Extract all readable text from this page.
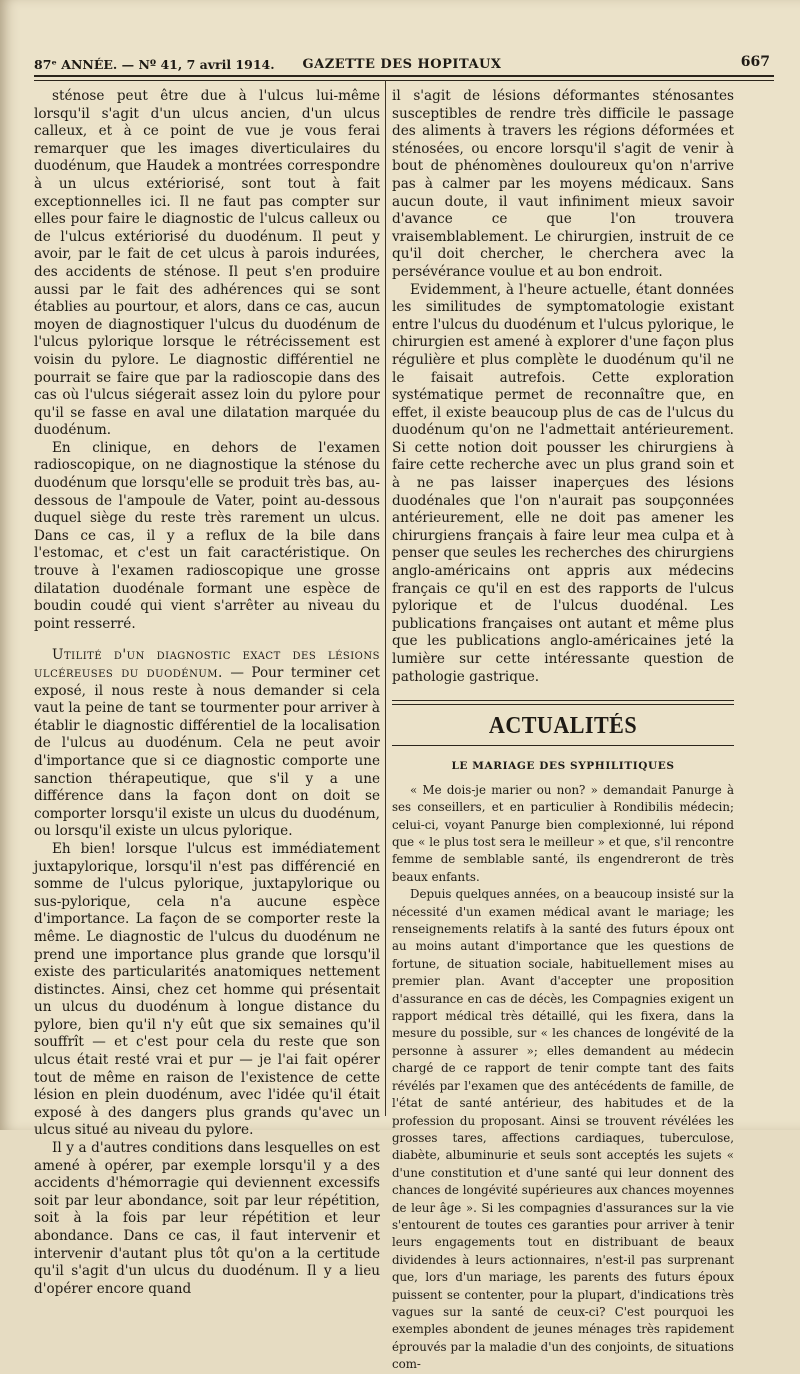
87ᵉ ANNÉE. — Nº 41, 7 avril 1914.	GAZETTE DES HOPITAUX	667

sténose peut être due à l'ulcus lui-même lorsqu'il s'agit d'un ulcus ancien, d'un ulcus calleux, et à ce point de vue je vous ferai remarquer que les images diverticulaires du duodénum, que Haudek a montrées correspondre à un ulcus extériorisé, sont tout à fait exceptionnelles ici. Il ne faut pas compter sur elles pour faire le diagnostic de l'ulcus calleux ou de l'ulcus extériorisé du duodénum. Il peut y avoir, par le fait de cet ulcus à parois indurées, des accidents de sténose. Il peut s'en produire aussi par le fait des adhérences qui se sont établies au pourtour, et alors, dans ce cas, aucun moyen de diagnostiquer l'ulcus du duodénum de l'ulcus pylorique lorsque le rétrécissement est voisin du pylore. Le diagnostic différentiel ne pourrait se faire que par la radioscopie dans des cas où l'ulcus siégerait assez loin du pylore pour qu'il se fasse en aval une dilatation marquée du duodénum.

En clinique, en dehors de l'examen radioscopique, on ne diagnostique la sténose du duodénum que lorsqu'elle se produit très bas, au-dessous de l'ampoule de Vater, point au-dessous duquel siège du reste très rarement un ulcus. Dans ce cas, il y a reflux de la bile dans l'estomac, et c'est un fait caractéristique. On trouve à l'examen radioscopique une grosse dilatation duodénale formant une espèce de boudin coudé qui vient s'arrêter au niveau du point resserré.

Utilité d'un diagnostic exact des lésions ulcéreuses du duodénum. — Pour terminer cet exposé, il nous reste à nous demander si cela vaut la peine de tant se tourmenter pour arriver à établir le diagnostic différentiel de la localisation de l'ulcus au duodénum. Cela ne peut avoir d'importance que si ce diagnostic comporte une sanction thérapeutique, que s'il y a une différence dans la façon dont on doit se comporter lorsqu'il existe un ulcus du duodénum, ou lorsqu'il existe un ulcus pylorique.

Eh bien! lorsque l'ulcus est immédiatement juxtapylorique, lorsqu'il n'est pas différencié en somme de l'ulcus pylorique, juxtapylorique ou sus-pylorique, cela n'a aucune espèce d'importance. La façon de se comporter reste la même. Le diagnostic de l'ulcus du duodénum ne prend une importance plus grande que lorsqu'il existe des particularités anatomiques nettement distinctes. Ainsi, chez cet homme qui présentait un ulcus du duodénum à longue distance du pylore, bien qu'il n'y eût que six semaines qu'il souffrît — et c'est pour cela du reste que son ulcus était resté vrai et pur — je l'ai fait opérer tout de même en raison de l'existence de cette lésion en plein duodénum, avec l'idée qu'il était exposé à des dangers plus grands qu'avec un ulcus situé au niveau du pylore.

Il y a d'autres conditions dans lesquelles on est amené à opérer, par exemple lorsqu'il y a des accidents d'hémorragie qui deviennent excessifs soit par leur abondance, soit par leur répétition, soit à la fois par leur répétition et leur abondance. Dans ce cas, il faut intervenir et intervenir d'autant plus tôt qu'on a la certitude qu'il s'agit d'un ulcus du duodénum. Il y a lieu d'opérer encore quand

il s'agit de lésions déformantes sténosantes susceptibles de rendre très difficile le passage des aliments à travers les régions déformées et sténosées, ou encore lorsqu'il s'agit de venir à bout de phénomènes douloureux qu'on n'arrive pas à calmer par les moyens médicaux. Sans aucun doute, il vaut infiniment mieux savoir d'avance ce que l'on trouvera vraisemblablement. Le chirurgien, instruit de ce qu'il doit chercher, le cherchera avec la persévérance voulue et au bon endroit.

Evidemment, à l'heure actuelle, étant données les similitudes de symptomatologie existant entre l'ulcus du duodénum et l'ulcus pylorique, le chirurgien est amené à explorer d'une façon plus régulière et plus complète le duodénum qu'il ne le faisait autrefois. Cette exploration systématique permet de reconnaître que, en effet, il existe beaucoup plus de cas de l'ulcus du duodénum qu'on ne l'admettait antérieurement. Si cette notion doit pousser les chirurgiens à faire cette recherche avec un plus grand soin et à ne pas laisser inaperçues des lésions duodénales que l'on n'aurait pas soupçonnées antérieurement, elle ne doit pas amener les chirurgiens français à faire leur mea culpa et à penser que seules les recherches des chirurgiens anglo-américains ont appris aux médecins français ce qu'il en est des rapports de l'ulcus pylorique et de l'ulcus duodénal. Les publications françaises ont autant et même plus que les publications anglo-américaines jeté la lumière sur cette intéressante question de pathologie gastrique.

ACTUALITÉS
LE MARIAGE DES SYPHILITIQUES

« Me dois-je marier ou non? » demandait Panurge à ses conseillers, et en particulier à Rondibilis médecin; celui-ci, voyant Panurge bien complexionné, lui répond que « le plus tost sera le meilleur » et que, s'il rencontre femme de semblable santé, ils engendreront de très beaux enfants.

Depuis quelques années, on a beaucoup insisté sur la nécessité d'un examen médical avant le mariage; les renseignements relatifs à la santé des futurs époux ont au moins autant d'importance que les questions de fortune, de situation sociale, habituellement mises au premier plan. Avant d'accepter une proposition d'assurance en cas de décès, les Compagnies exigent un rapport médical très détaillé, qui les fixera, dans la mesure du possible, sur « les chances de longévité de la personne à assurer »; elles demandent au médecin chargé de ce rapport de tenir compte tant des faits révélés par l'examen que des antécédents de famille, de l'état de santé antérieur, des habitudes et de la profession du proposant. Ainsi se trouvent révélées les grosses tares, affections cardiaques, tuberculose, diabète, albuminurie et seuls sont acceptés les sujets « d'une constitution et d'une santé qui leur donnent des chances de longévité supérieures aux chances moyennes de leur âge ». Si les compagnies d'assurances sur la vie s'entourent de toutes ces garanties pour arriver à tenir leurs engagements tout en distribuant de beaux dividendes à leurs actionnaires, n'est-il pas surprenant que, lors d'un mariage, les parents des futurs époux puissent se contenter, pour la plupart, d'indications très vagues sur la santé de ceux-ci? C'est pourquoi les exemples abondent de jeunes ménages très rapidement éprouvés par la maladie d'un des conjoints, de situations com-
